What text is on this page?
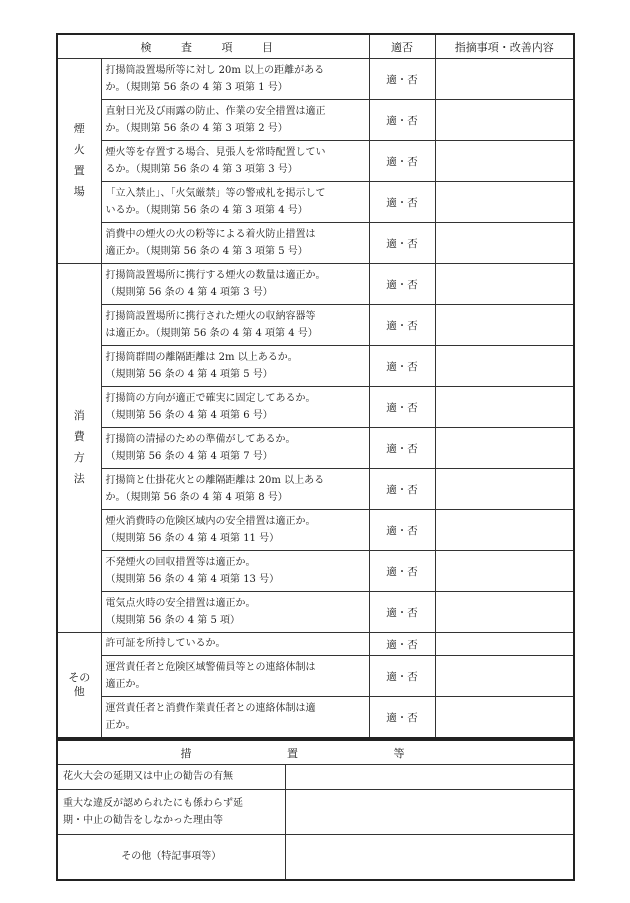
検 査 項 目		適否	指摘事項・改善内容

煙
火
置
場	打揚筒設置場所等に対し 20m 以上の距離がある
か。（規則第 56 条の 4 第 3 項第 1 号）	適・否	

	直射日光及び雨露の防止、作業の安全措置は適正
か。（規則第 56 条の 4 第 3 項第 2 号）	適・否	

	煙火等を存置する場合、見張人を常時配置してい
るか。（規則第 56 条の 4 第 3 項第 3 号）	適・否	

	「立入禁止」、「火気厳禁」等の警戒札を掲示して
いるか。（規則第 56 条の 4 第 3 項第 4 号）	適・否	

	消費中の煙火の火の粉等による着火防止措置は
適正か。（規則第 56 条の 4 第 3 項第 5 号）	適・否	

消
費
方
法	打揚筒設置場所に携行する煙火の数量は適正か。
（規則第 56 条の 4 第 4 項第 3 号）	適・否	

	打揚筒設置場所に携行された煙火の収納容器等
は適正か。（規則第 56 条の 4 第 4 項第 4 号）	適・否	

	打揚筒群間の離隔距離は 2m 以上あるか。
（規則第 56 条の 4 第 4 項第 5 号）	適・否	

	打揚筒の方向が適正で確実に固定してあるか。
（規則第 56 条の 4 第 4 項第 6 号）	適・否	

	打揚筒の清掃のための準備がしてあるか。
（規則第 56 条の 4 第 4 項第 7 号）	適・否	

	打揚筒と仕掛花火との離隔距離は 20m 以上ある
か。（規則第 56 条の 4 第 4 項第 8 号）	適・否	

	煙火消費時の危険区域内の安全措置は適正か。
（規則第 56 条の 4 第 4 項第 11 号）	適・否	

	不発煙火の回収措置等は適正か。
（規則第 56 条の 4 第 4 項第 13 号）	適・否	

	電気点火時の安全措置は適正か。
（規則第 56 条の 4 第 5 項）	適・否	

その
他	許可証を所持しているか。	適・否	

	運営責任者と危険区域警備員等との連絡体制は
適正か。	適・否	

	運営責任者と消費作業責任者との連絡体制は適
正か。	適・否	
措 置 等	
花火大会の延期又は中止の勧告の有無	

重大な違反が認められたにも係わらず延
期・中止の勧告をしなかった理由等	

その他（特記事項等）	
